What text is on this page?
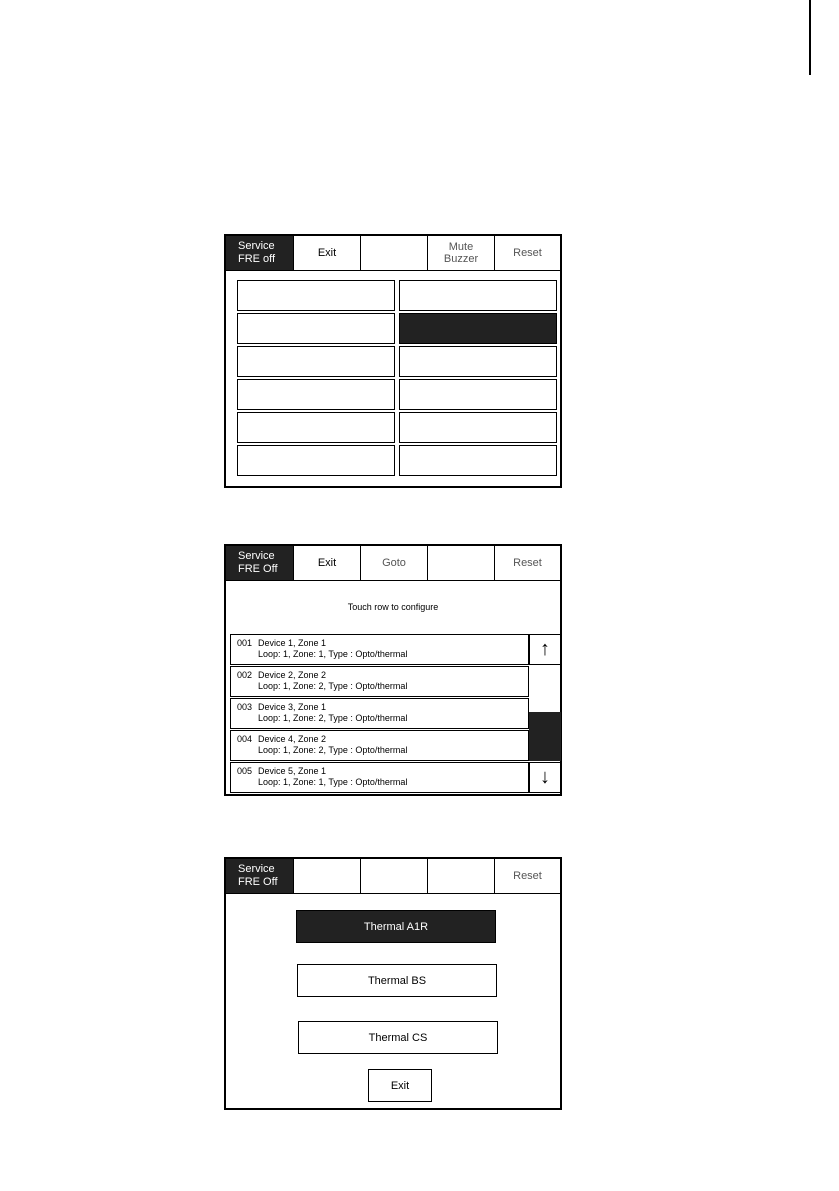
Service
FRE off	Exit	Mute
Buzzer	Reset
Service
FRE Off	Exit	Goto	Reset
Touch row to configure
001 Device 1, Zone 1
Loop: 1, Zone: 1, Type : Opto/thermal
002 Device 2, Zone 2
Loop: 1, Zone: 2, Type : Opto/thermal
003 Device 3, Zone 1
Loop: 1, Zone: 2, Type : Opto/thermal
004 Device 4, Zone 2
Loop: 1, Zone: 2, Type : Opto/thermal
005 Device 5, Zone 1
Loop: 1, Zone: 1, Type : Opto/thermal
↑
↓
Service
FRE Off	Reset
Thermal A1R
Thermal BS
Thermal CS
Exit
